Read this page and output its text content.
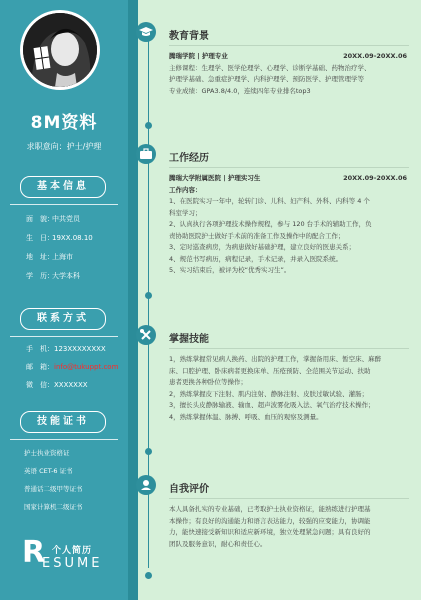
8M资料
求职意向：护士/护理
基本信息
面　貌：中共党员
生　日：19XX.08.10
地　址：上海市
学　历：大学本科
联系方式
手　机：123XXXXXXXX
邮　箱：info@tukuppt.com
微　信：XXXXXXX
技能证书
护士执业资格证
英语 CET-6 证书
普通话二级甲等证书
国家计算机二级证书
R 个人简历
ESUME
教育背景
腾瑞学院 | 护理专业	20XX.09-20XX.06

主修课程：生理学、医学伦理学、心理学、诊断学基础、药物治疗学、

护理学基础、急重症护理学、内科护理学、预防医学、护理管理学等

专业成绩：GPA3.8/4.0，连续四年专业排名top3

工作经历
腾瑞大学附属医院 | 护理实习生	20XX.09-20XX.06

工作内容：

1、在医院实习一年中，轮转门诊、儿科、妇产科、外科、内科等 4 个

科室学习；

2、认真执行各项护理技术操作规程，参与 120 台手术的辅助工作，负

责协助医院护士做好手术前的准备工作及操作中的配合工作；

3、定时巡查病房，为病患做好基础护理，建立良好的医患关系；

4、规范书写病历，病程记录，手术记录，并录入医院系统。

5、实习结束后，被评为校“优秀实习生”。

掌握技能

1，熟练掌握常见病人换药、出院的护理工作，掌握备用床、暂空床、麻醉

床、口腔护理、卧床病者更换床单、压疮预防、全范围关节运动、扶助

患者更换各种卧位等操作；

2，熟练掌握皮下注射、肌内注射、静脉注射、皮肤过敏试验、灌肠；

3，擅长头皮静脉输液、输血、超声波雾化吸入法、氧气治疗技术操作；

4，熟练掌握体温、脉搏、呼吸、血压的观察及测量。

自我评价

本人具备扎实的专业基础，已考取护士执业资格证，能熟练进行护理基

本操作；有良好的沟通能力和语言表达能力，较强的应变能力，协调能

力，能快速接受新知识和适应新环境，独立处理紧急问题；具有良好的

团队及服务意识，耐心和责任心。
